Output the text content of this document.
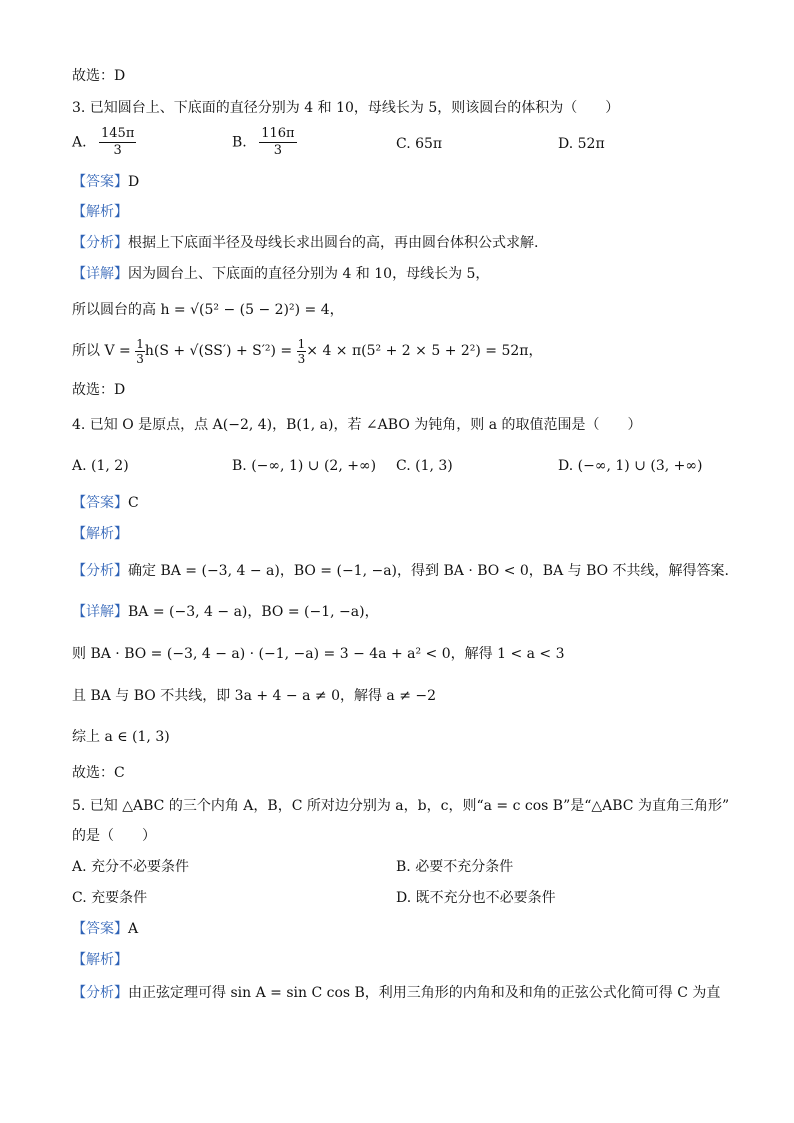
故选：D
3. 已知圆台上、下底面的直径分别为 4 和 10，母线长为 5，则该圆台的体积为（　　）
A. $\frac{145\pi}{3}$	B. $\frac{116\pi}{3}$	C. 65π	D. 52π
【答案】D
【解析】
【分析】根据上下底面半径及母线长求出圆台的高，再由圆台体积公式求解.
【详解】因为圆台上、下底面的直径分别为 4 和 10，母线长为 5，
所以圆台的高 h = √(5² − (5 − 2)²) = 4，
所以 $V = \frac{1}{3} h(S + √(SS') + S'^2) = \frac{1}{3} \times 4 \times \pi(5^2 + 2 \times 5 + 2^2) = 52\pi$，
故选：D
4. 已知 O 是原点，点 A(−2, 4)，B(1, a)，若 ∠ABO 为钝角，则 a 的取值范围是（　　）
A. (1, 2)	B. (−∞, 1) ∪ (2, +∞) C. (1, 3)	D. (−∞, 1) ∪ (3, +∞)
【答案】C
【解析】
【分析】确定 BA = (−3, 4 − a)，BO = (−1, −a)，得到 BA · BO < 0，BA 与 BO 不共线，解得答案.
【详解】BA = (−3, 4 − a)，BO = (−1, −a)，
则 BA · BO = (−3, 4 − a) · (−1, −a) = 3 − 4a + a² < 0，解得 1 < a < 3
且 BA 与 BO 不共线，即 3a + 4 − a ≠ 0，解得 a ≠ −2
综上 a ∈ (1, 3)
故选：C
5. 已知 △ABC 的三个内角 A，B，C 所对边分别为 a，b，c，则“a = c cos B”是“△ABC 为直角三角形”
的是（　　）
A. 充分不必要条件	B. 必要不充分条件
C. 充要条件	D. 既不充分也不必要条件
【答案】A
【解析】
【分析】由正弦定理可得 sin A = sin C cos B，利用三角形的内角和及和角的正弦公式化简可得 C 为直
